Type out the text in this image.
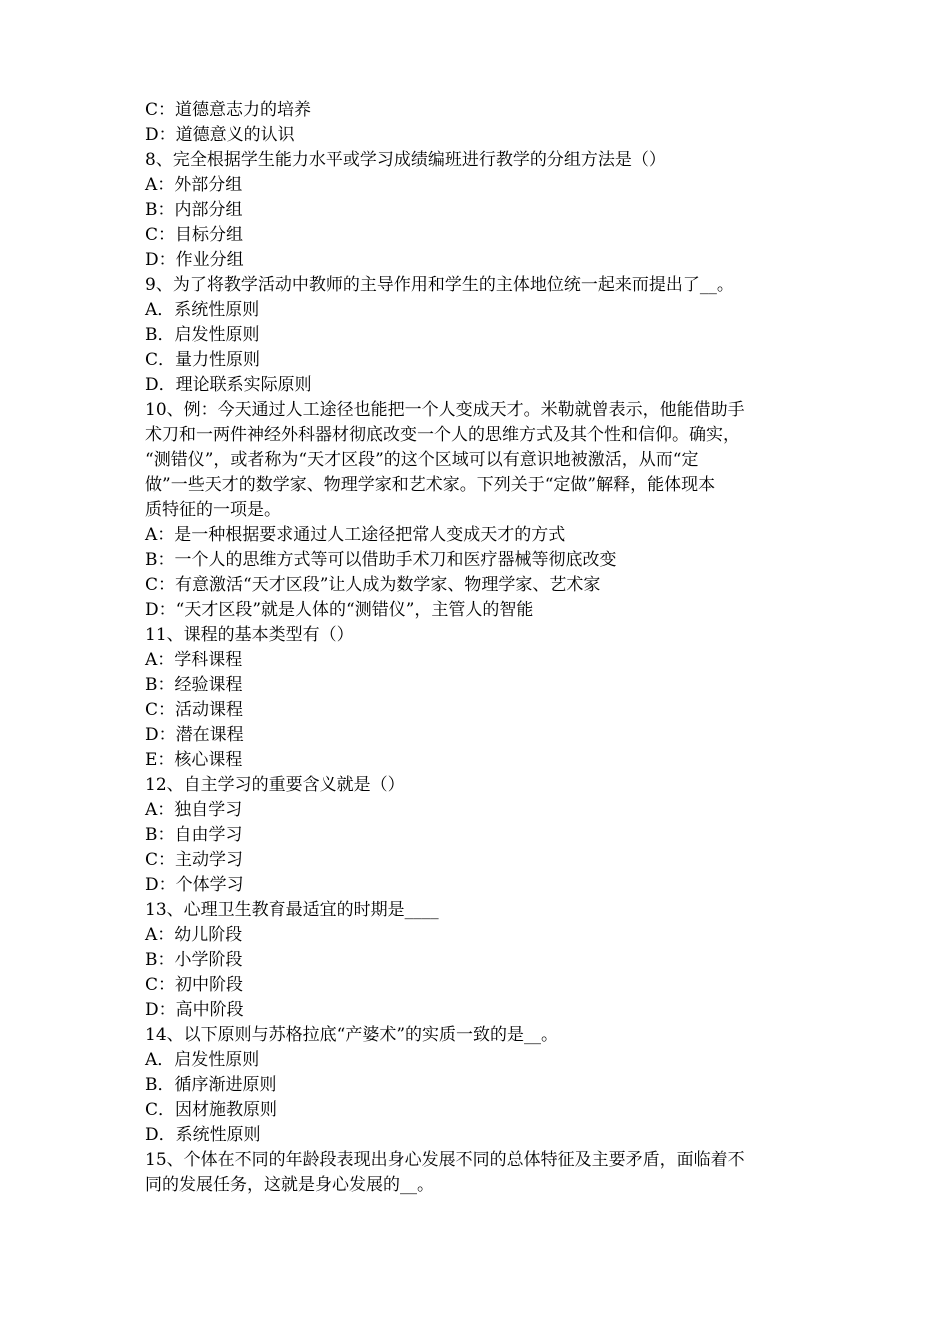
C：道德意志力的培养

D：道德意义的认识

8、完全根据学生能力水平或学习成绩编班进行教学的分组方法是（）

A：外部分组

B：内部分组

C：目标分组

D：作业分组

9、为了将教学活动中教师的主导作用和学生的主体地位统一起来而提出了__。

A．系统性原则

B．启发性原则

C．量力性原则

D．理论联系实际原则

10、例：今天通过人工途径也能把一个人变成天才。米勒就曾表示，他能借助手

术刀和一两件神经外科器材彻底改变一个人的思维方式及其个性和信仰。确实，

“测错仪”，或者称为“天才区段”的这个区域可以有意识地被激活，从而“定

做”一些天才的数学家、物理学家和艺术家。下列关于“定做”解释，能体现本

质特征的一项是。

A：是一种根据要求通过人工途径把常人变成天才的方式

B：一个人的思维方式等可以借助手术刀和医疗器械等彻底改变

C：有意激活“天才区段”让人成为数学家、物理学家、艺术家

D：“天才区段”就是人体的“测错仪”，主管人的智能

11、课程的基本类型有（）

A：学科课程

B：经验课程

C：活动课程

D：潜在课程

E：核心课程

12、自主学习的重要含义就是（）

A：独自学习

B：自由学习

C：主动学习

D：个体学习

13、心理卫生教育最适宜的时期是____

A：幼儿阶段

B：小学阶段

C：初中阶段

D：高中阶段

14、以下原则与苏格拉底“产婆术”的实质一致的是__。

A．启发性原则

B．循序渐进原则

C．因材施教原则

D．系统性原则

15、个体在不同的年龄段表现出身心发展不同的总体特征及主要矛盾，面临着不

同的发展任务，这就是身心发展的__。
